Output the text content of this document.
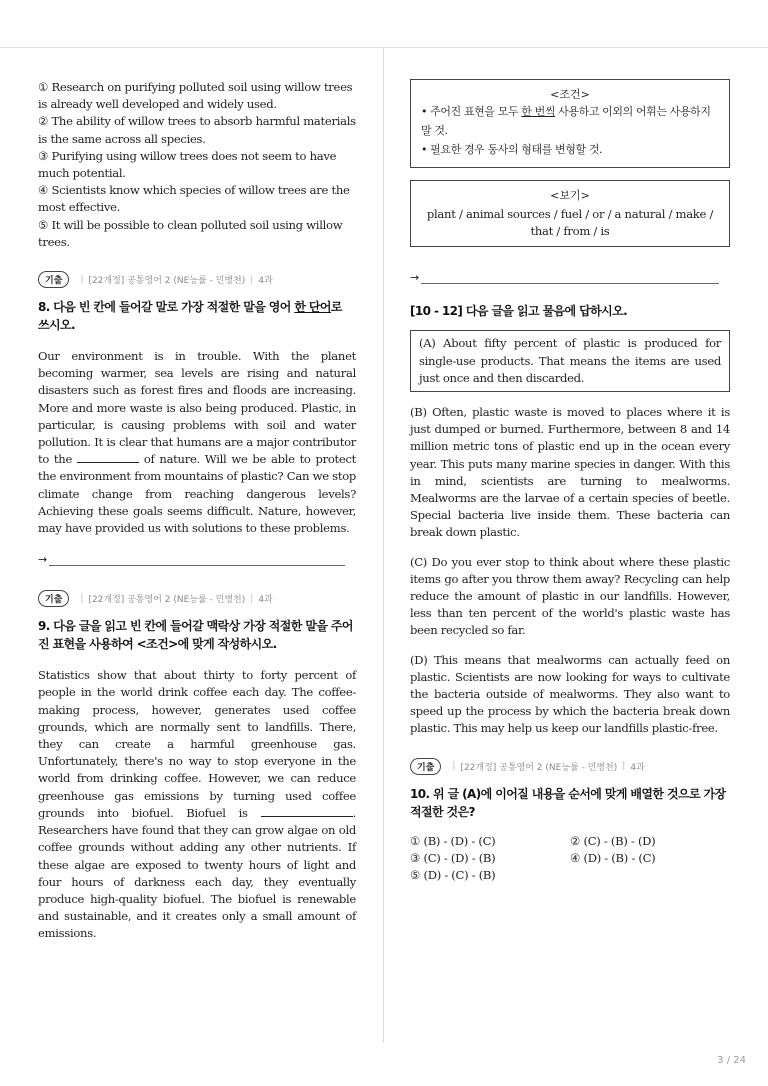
① Research on purifying polluted soil using willow trees is already well developed and widely used.

② The ability of willow trees to absorb harmful materials is the same across all species.

③ Purifying using willow trees does not seem to have much potential.

④ Scientists know which species of willow trees are the most effective.

⑤ It will be possible to clean polluted soil using willow trees.

기출	| [22개정] 공통영어 2 (NE능률 - 민병천) | 4과
8. 다음 빈 칸에 들어갈 말로 가장 적절한 말을 영어 한 단어로 쓰시오.
Our environment is in trouble. With the planet becoming warmer, sea levels are rising and natural disasters such as forest fires and floods are increasing. More and more waste is also being produced. Plastic, in particular, is causing problems with soil and water pollution. It is clear that humans are a major contributor to the	of nature. Will we be able to protect the environment from mountains of plastic? Can we stop climate change from reaching dangerous levels? Achieving these goals seems difficult. Nature, however, may have provided us with solutions to these problems.
→
기출	| [22개정] 공통영어 2 (NE능률 - 민병천) | 4과
9. 다음 글을 읽고 빈 칸에 들어갈 맥락상 가장 적절한 말을 주어진 표현을 사용하여 <조건>에 맞게 작성하시오.
Statistics show that about thirty to forty percent of people in the world drink coffee each day. The coffee-making process, however, generates used coffee grounds, which are normally sent to landfills. There, they can create a harmful greenhouse gas. Unfortunately, there's no way to stop everyone in the world from drinking coffee. However, we can reduce greenhouse gas emissions by turning used coffee grounds into biofuel. Biofuel is	. Researchers have found that they can grow algae on old coffee grounds without adding any other nutrients. If these algae are exposed to twenty hours of light and four hours of darkness each day, they eventually produce high-quality biofuel. The biofuel is renewable and sustainable, and it creates only a small amount of emissions.
<조건>
• 주어진 표현을 모두 한 번씩 사용하고 이외의 어휘는 사용하지 말 것.
• 필요한 경우 동사의 형태를 변형할 것.
<보기>
plant / animal sources / fuel / or / a natural / make / that / from / is
→
[10 - 12] 다음 글을 읽고 물음에 답하시오.
(A) About fifty percent of plastic is produced for single-use products. That means the items are used just once and then discarded.
(B) Often, plastic waste is moved to places where it is just dumped or burned. Furthermore, between 8 and 14 million metric tons of plastic end up in the ocean every year. This puts many marine species in danger. With this in mind, scientists are turning to mealworms. Mealworms are the larvae of a certain species of beetle. Special bacteria live inside them. These bacteria can break down plastic.
(C) Do you ever stop to think about where these plastic items go after you throw them away? Recycling can help reduce the amount of plastic in our landfills. However, less than ten percent of the world's plastic waste has been recycled so far.
(D) This means that mealworms can actually feed on plastic. Scientists are now looking for ways to cultivate the bacteria outside of mealworms. They also want to speed up the process by which the bacteria break down plastic. This may help us keep our landfills plastic-free.
기출	| [22개정] 공통영어 2 (NE능률 - 민병천) | 4과
10. 위 글 (A)에 이어질 내용을 순서에 맞게 배열한 것으로 가장 적절한 것은?
① (B) - (D) - (C)	② (C) - (B) - (D)
③ (C) - (D) - (B)	④ (D) - (B) - (C)
⑤ (D) - (C) - (B)
3 / 24
